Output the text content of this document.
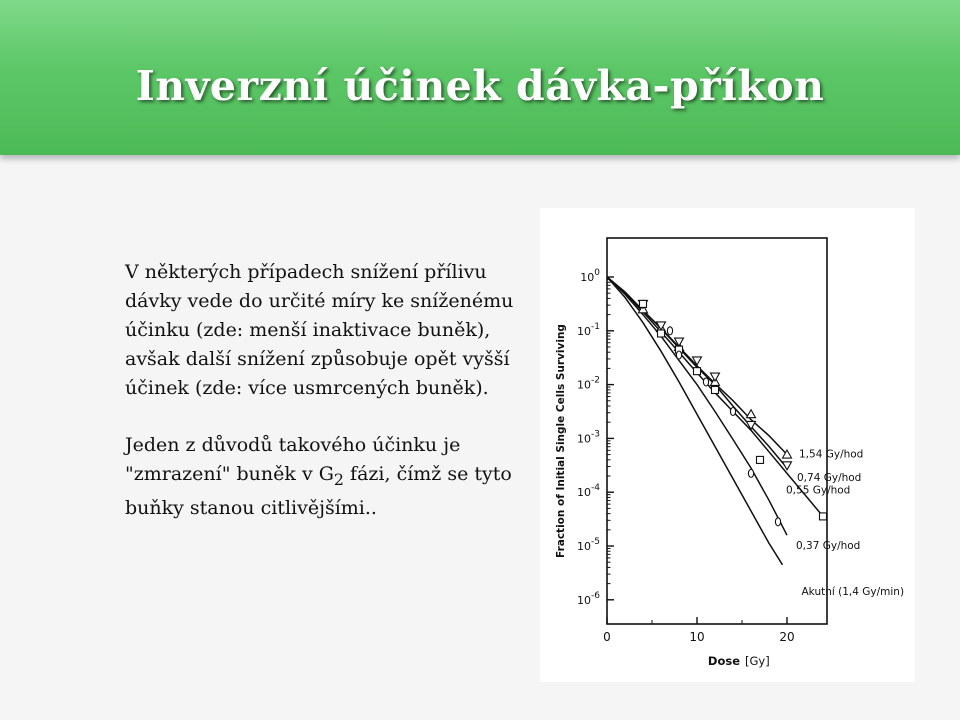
Inverzní účinek dávka-příkon

V některých případech snížení přílivu dávky vede do určité míry ke sníženému účinku (zde: menší inaktivace buněk), avšak další snížení způsobuje opět vyšší účinek (zde: více usmrcených buněk).

Jeden z důvodů takového účinku je "zmrazení" buněk v $G_2$ fázi, čímž se tyto buňky stanou citlivějšími..

$10^0$
$10^{-1}$
$10^{-2}$
$10^{-3}$
$10^{-4}$
$10^{-5}$
$10^{-6}$
0	10	20
1,54 Gy/hod
0,74 Gy/hod
0,55 Gy/hod
0,37 Gy/hod
Akutní (1,4 Gy/min)
Fraction of Initial Single Cells Surviving
Dose [Gy]
